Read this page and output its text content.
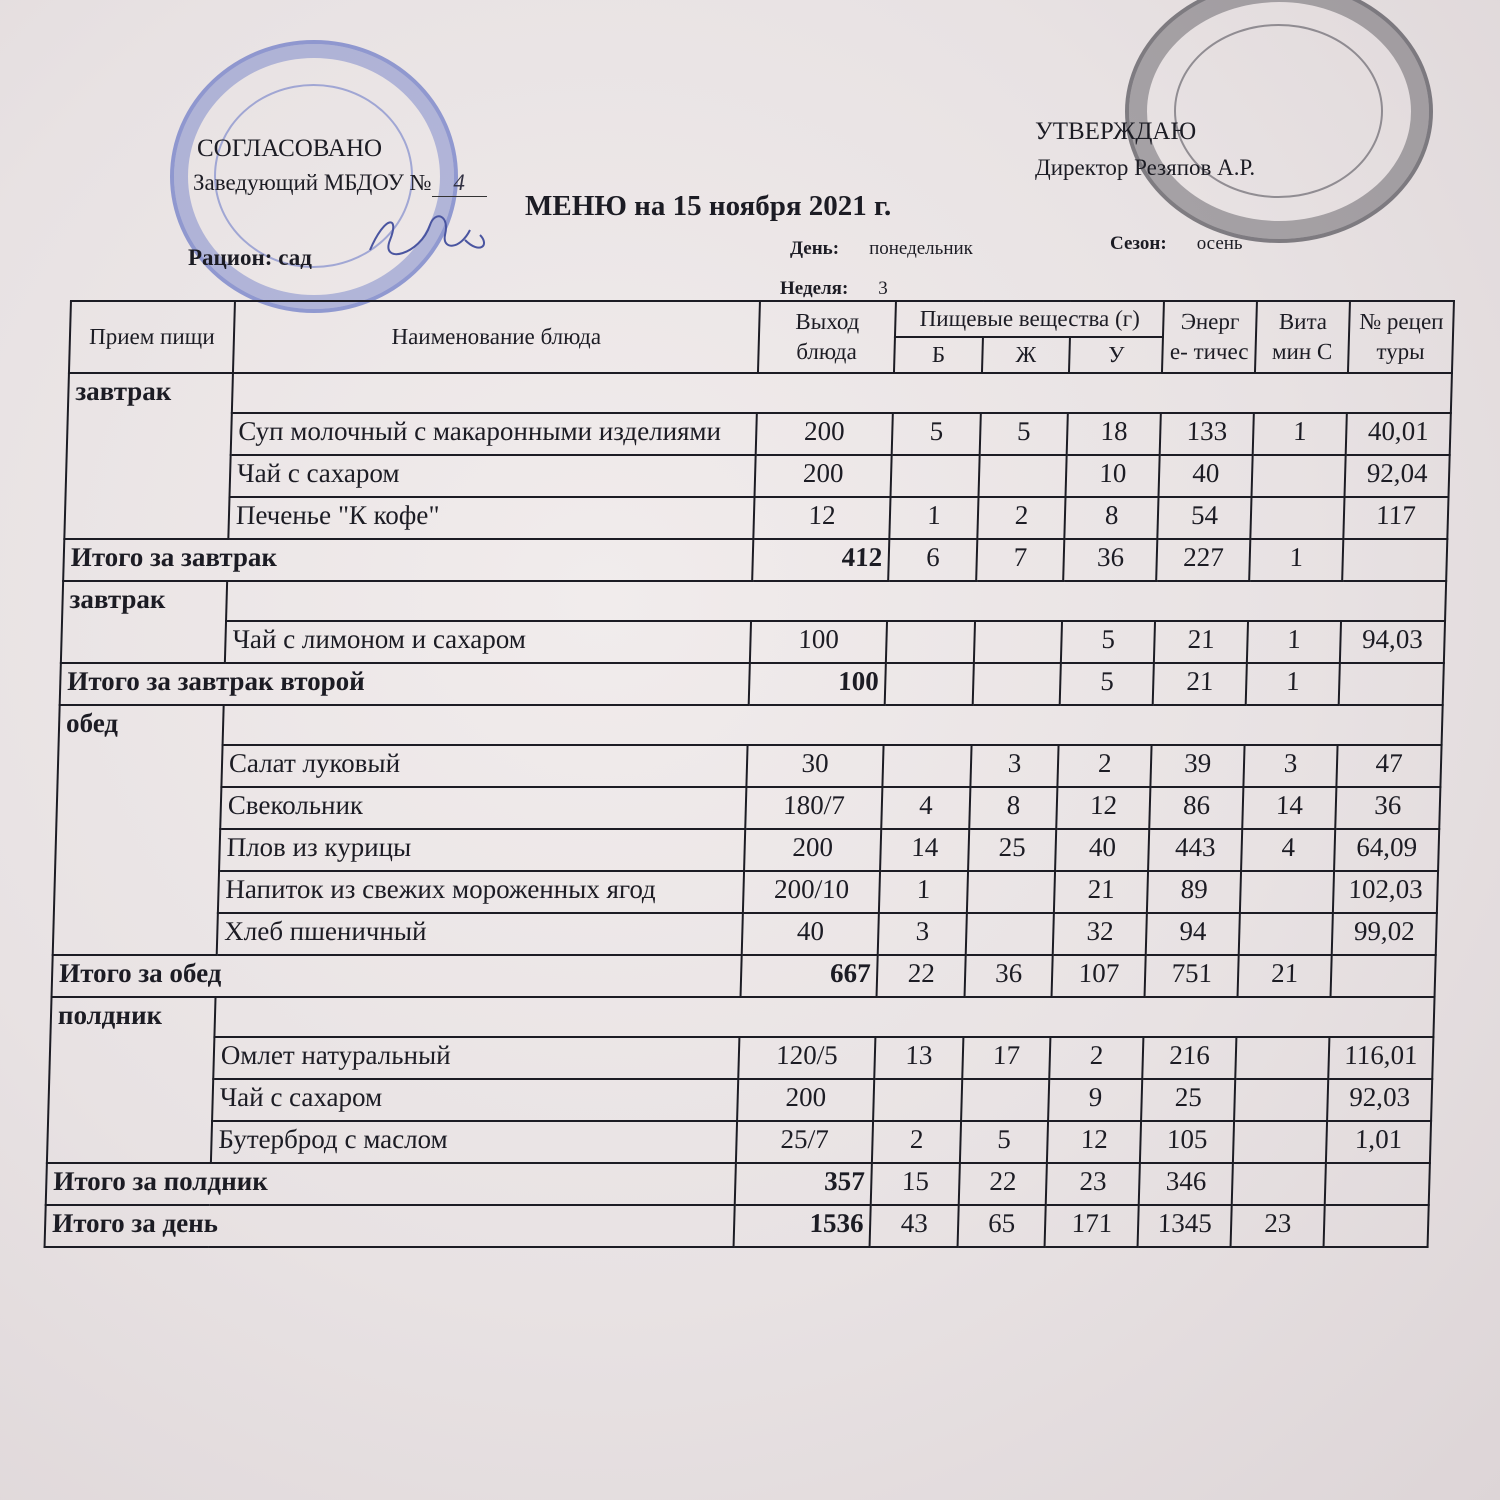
СОГЛАСОВАНО
Заведующий МБДОУ № 4
Рацион: сад
УТВЕРЖДАЮ
Директор Резяпов А.Р.
МЕНЮ на 15 ноября 2021 г.
День: понедельник	Сезон: осень
Неделя: 3
Прием пищи	Наименование блюда	Выход блюда	Пищевые вещества (г)			Энерг е- тичес	Вита мин С	№ рецеп туры
			Б	Ж	У			
завтрак								
	Суп молочный с макаронными изделиями	200	5	5	18	133	1	40,01
	Чай с сахаром	200			10	40		92,04
	Печенье "К кофе"	12	1	2	8	54		117
Итого за завтрак		412	6	7	36	227	1	
завтрак								
	Чай с лимоном и сахаром	100			5	21	1	94,03
Итого за завтрак второй		100			5	21	1	
обед								
	Салат луковый	30		3	2	39	3	47
	Свекольник	180/7	4	8	12	86	14	36
	Плов из курицы	200	14	25	40	443	4	64,09
	Напиток из свежих мороженных ягод	200/10	1		21	89		102,03
	Хлеб пшеничный	40	3		32	94		99,02
Итого за обед		667	22	36	107	751	21	
полдник								
	Омлет натуральный	120/5	13	17	2	216		116,01
	Чай с сахаром	200			9	25		92,03
	Бутерброд с маслом	25/7	2	5	12	105		1,01
Итого за полдник		357	15	22	23	346		
Итого за день		1536	43	65	171	1345	23	
